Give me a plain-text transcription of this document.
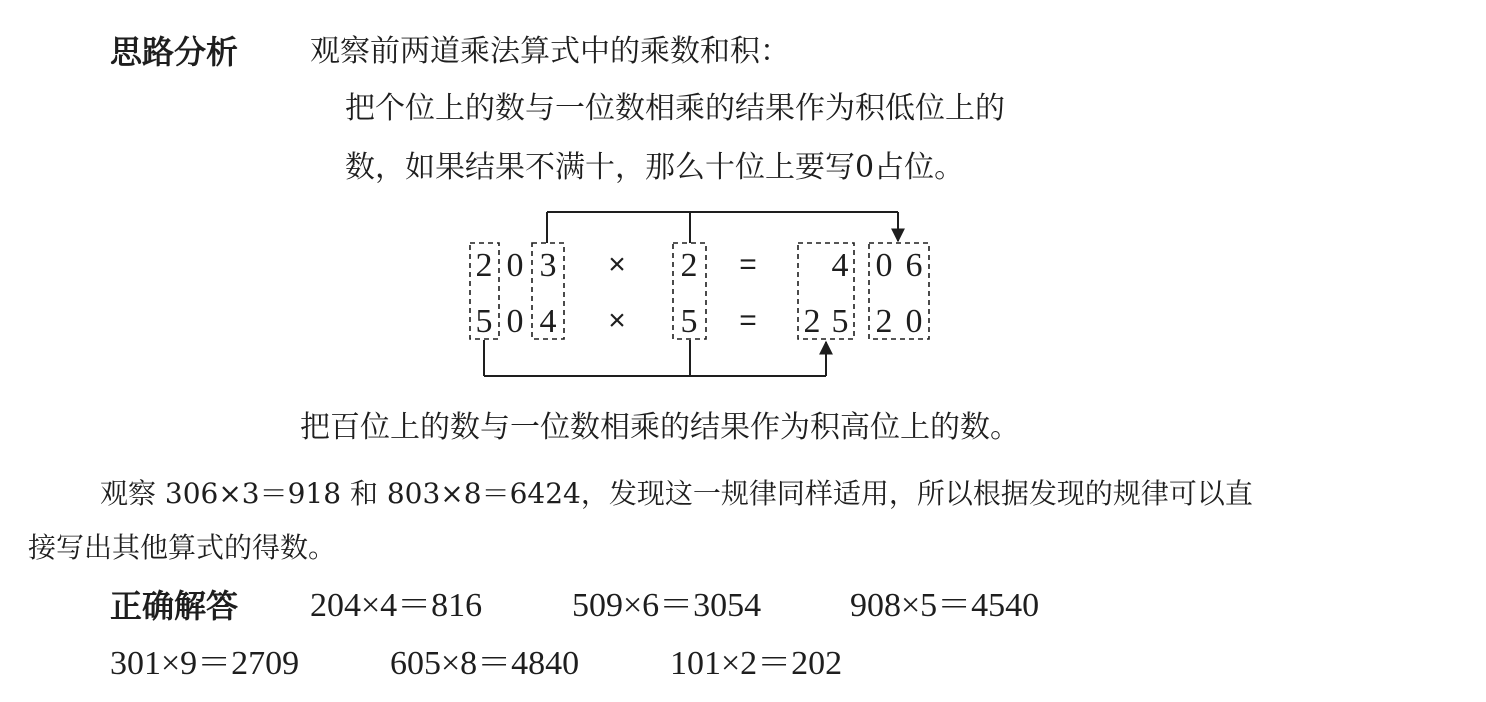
思路分析 观察前两道乘法算式中的乘数和积：
把个位上的数与一位数相乘的结果作为积低位上的
数，如果结果不满十，那么十位上要写0占位。
2 0 3 × 2 = 4 0 6
5 0 4 × 5 = 2 5 2 0
把百位上的数与一位数相乘的结果作为积高位上的数。
观察 306×3＝918 和 803×8＝6424，发现这一规律同样适用，所以根据发现的规律可以直
接写出其他算式的得数。
正确解答 204×4＝816	509×6＝3054	908×5＝4540
301×9＝2709	605×8＝4840	101×2＝202
